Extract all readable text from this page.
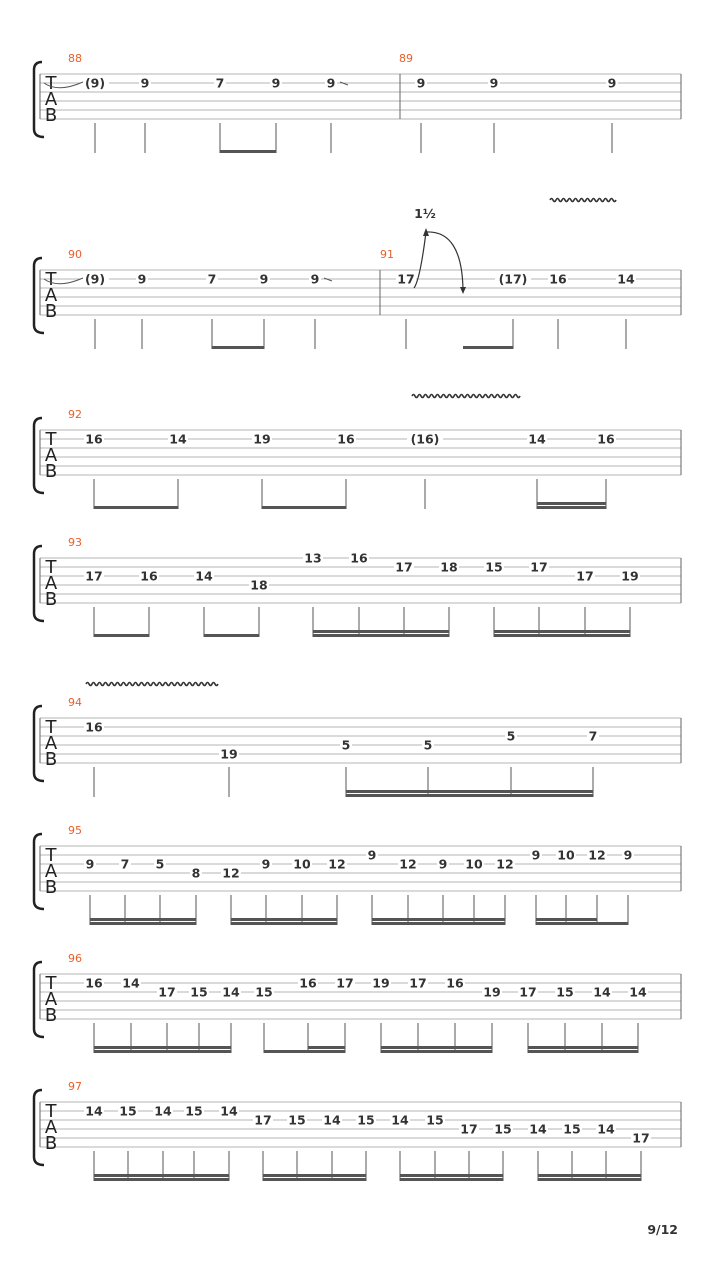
T
A
B
88
(9)	9	7	9	9
89
9	9	9
T
A
B
90
(9)	9	7	9	9
91
17	(17) 16	14
T
A
B
92
16	14	19	16	(16)	14	16
T
A
B
93
17	16	14
18
13 16
17 18 15 17
17 19
T
A
B
94
16
19
5	5
5	7
T
A
B
95
9 7 5
8 12
9 10 12
9
12 9 10 12
9 10 12 9
T
A
B
96
16 14
17 15 14 15
16 17 19 17 16
19 17 15 14 14
T
A
B
97
14 15 14 15 14
17 15 14 15 14 15
17 15 14 15 14
17
1½
9/12
